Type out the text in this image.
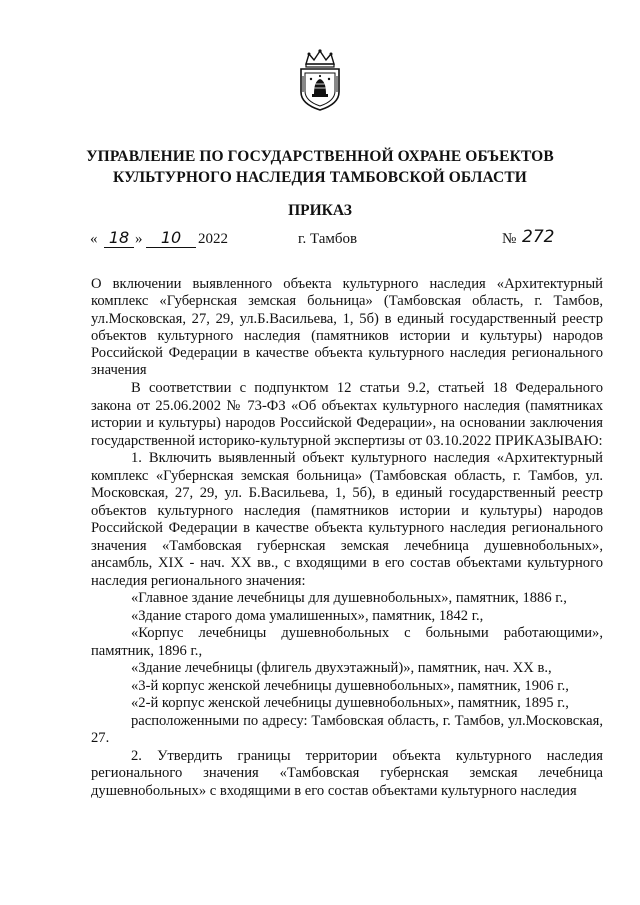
УПРАВЛЕНИЕ ПО ГОСУДАРСТВЕННОЙ ОХРАНЕ ОБЪЕКТОВ
КУЛЬТУРНОГО НАСЛЕДИЯ ТАМБОВСКОЙ ОБЛАСТИ
ПРИКАЗ
« 18 »	10	2022	г. Тамбов	№ 272
О включении выявленного объекта культурного наследия «Архитектурный комплекс «Губернская земская больница» (Тамбовская область, г. Тамбов, ул.Московская, 27, 29, ул.Б.Васильева, 1, 5б) в единый государственный реестр объектов культурного наследия (памятников истории и культуры) народов Российской Федерации в качестве объекта культурного наследия регионального значения

В соответствии с подпунктом 12 статьи 9.2, статьей 18 Федерального закона от 25.06.2002 № 73-ФЗ «Об объектах культурного наследия (памятниках истории и культуры) народов Российской Федерации», на основании заключения государственной историко-культурной экспертизы от 03.10.2022 ПРИКАЗЫВАЮ:

1. Включить выявленный объект культурного наследия «Архитектурный комплекс «Губернская земская больница» (Тамбовская область, г. Тамбов, ул. Московская, 27, 29, ул. Б.Васильева, 1, 5б), в единый государственный реестр объектов культурного наследия (памятников истории и культуры) народов Российской Федерации в качестве объекта культурного наследия регионального значения «Тамбовская губернская земская лечебница душевнобольных», ансамбль, XIX - нач. XX вв., с входящими в его состав объектами культурного наследия регионального значения:

«Главное здание лечебницы для душевнобольных», памятник, 1886 г.,

«Здание старого дома умалишенных», памятник, 1842 г.,

«Корпус лечебницы душевнобольных с больными работающими», памятник, 1896 г.,

«Здание лечебницы (флигель двухэтажный)», памятник, нач. XX в.,

«3-й корпус женской лечебницы душевнобольных», памятник, 1906 г.,

«2-й корпус женской лечебницы душевнобольных», памятник, 1895 г.,

расположенными по адресу: Тамбовская область, г. Тамбов, ул.Московская, 27.

2. Утвердить границы территории объекта культурного наследия регионального значения «Тамбовская губернская земская лечебница душевнобольных» с входящими в его состав объектами культурного наследия
